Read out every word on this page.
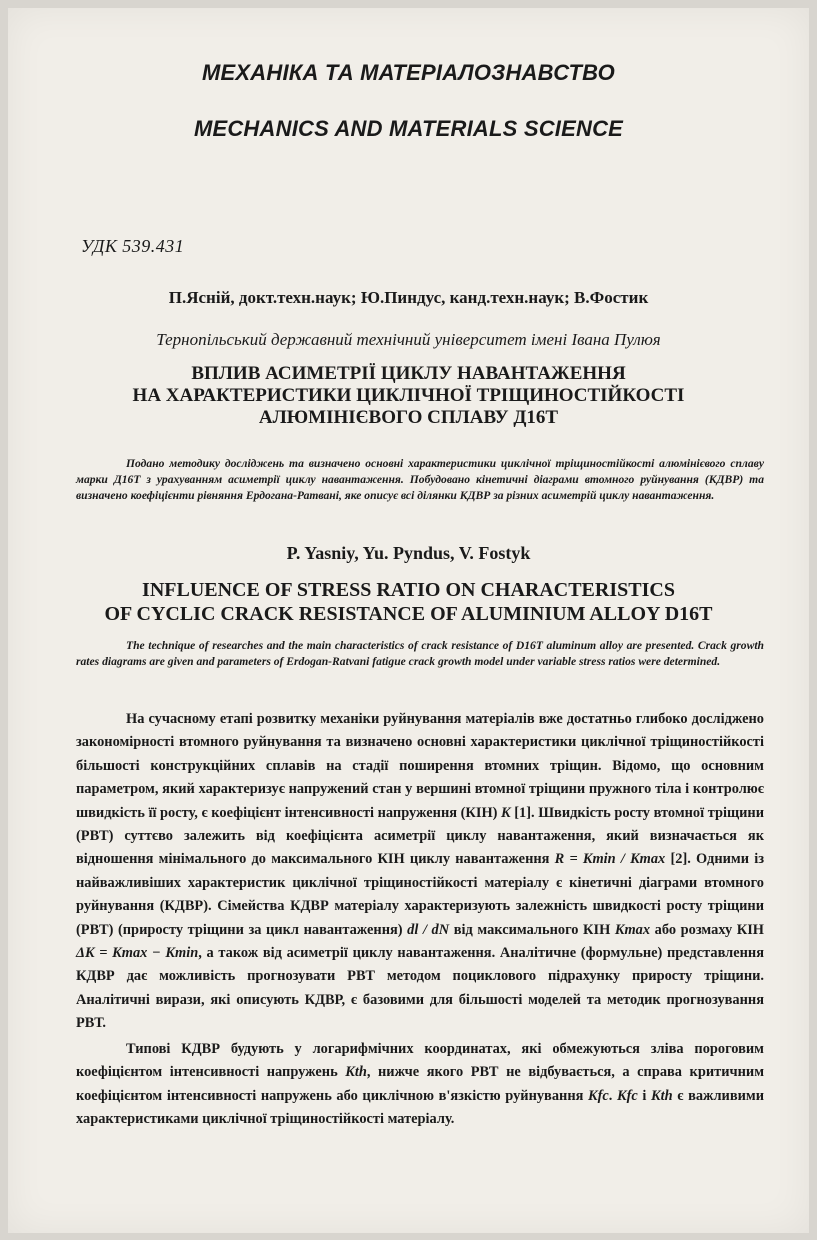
МЕХАНІКА ТА МАТЕРІАЛОЗНАВСТВО
MECHANICS AND MATERIALS SCIENCE
УДК 539.431
П.Ясній, докт.техн.наук; Ю.Пиндус, канд.техн.наук; В.Фостик
Тернопільський державний технічний університет імені Івана Пулюя
ВПЛИВ АСИМЕТРІЇ ЦИКЛУ НАВАНТАЖЕННЯ
НА ХАРАКТЕРИСТИКИ ЦИКЛІЧНОЇ ТРІЩИНОСТІЙКОСТІ
АЛЮМІНІЄВОГО СПЛАВУ Д16Т
Подано методику досліджень та визначено основні характеристики циклічної тріщиностійкості алюмінієвого сплаву марки Д16Т з урахуванням асиметрії циклу навантаження. Побудовано кінетичні діаграми втомного руйнування (КДВР) та визначено коефіцієнти рівняння Ердогана-Ратвані, яке описує всі ділянки КДВР за різних асиметрій циклу навантаження.
P. Yasniy, Yu. Pyndus, V. Fostyk
INFLUENCE OF STRESS RATIO ON CHARACTERISTICS
OF CYCLIC CRACK RESISTANCE OF ALUMINIUM ALLOY D16T
The technique of researches and the main characteristics of crack resistance of D16T aluminum alloy are presented. Crack growth rates diagrams are given and parameters of Erdogan-Ratvani fatigue crack growth model under variable stress ratios were determined.

На сучасному етапі розвитку механіки руйнування матеріалів вже достатньо глибоко досліджено закономірності втомного руйнування та визначено основні характеристики циклічної тріщиностійкості більшості конструкційних сплавів на стадії поширення втомних тріщин. Відомо, що основним параметром, який характеризує напружений стан у вершині втомної тріщини пружного тіла і контролює швидкість її росту, є коефіцієнт інтенсивності напруження (КІН) K [1]. Швидкість росту втомної тріщини (РВТ) суттєво залежить від коефіцієнта асиметрії циклу навантаження, який визначається як відношення мінімального до максимального КІН циклу навантаження R = Kmin / Kmax [2]. Одними із найважливіших характеристик циклічної тріщиностійкості матеріалу є кінетичні діаграми втомного руйнування (КДВР). Сімейства КДВР матеріалу характеризують залежність швидкості росту тріщини (РВТ) (приросту тріщини за цикл навантаження) dl / dN від максимального КІН Kmax або розмаху КІН ΔK = Kmax − Kmin, а також від асиметрії циклу навантаження. Аналітичне (формульне) представлення КДВР дає можливість прогнозувати РВТ методом поциклового підрахунку приросту тріщини. Аналітичні вирази, які описують КДВР, є базовими для більшості моделей та методик прогнозування РВТ.

Типові КДВР будують у логарифмічних координатах, які обмежуються зліва пороговим коефіцієнтом інтенсивності напружень Kth, нижче якого РВТ не відбувається, а справа критичним коефіцієнтом інтенсивності напружень або циклічною в'язкістю руйнування Kfc. Kfc і Kth є важливими характеристиками циклічної тріщиностійкості матеріалу.
